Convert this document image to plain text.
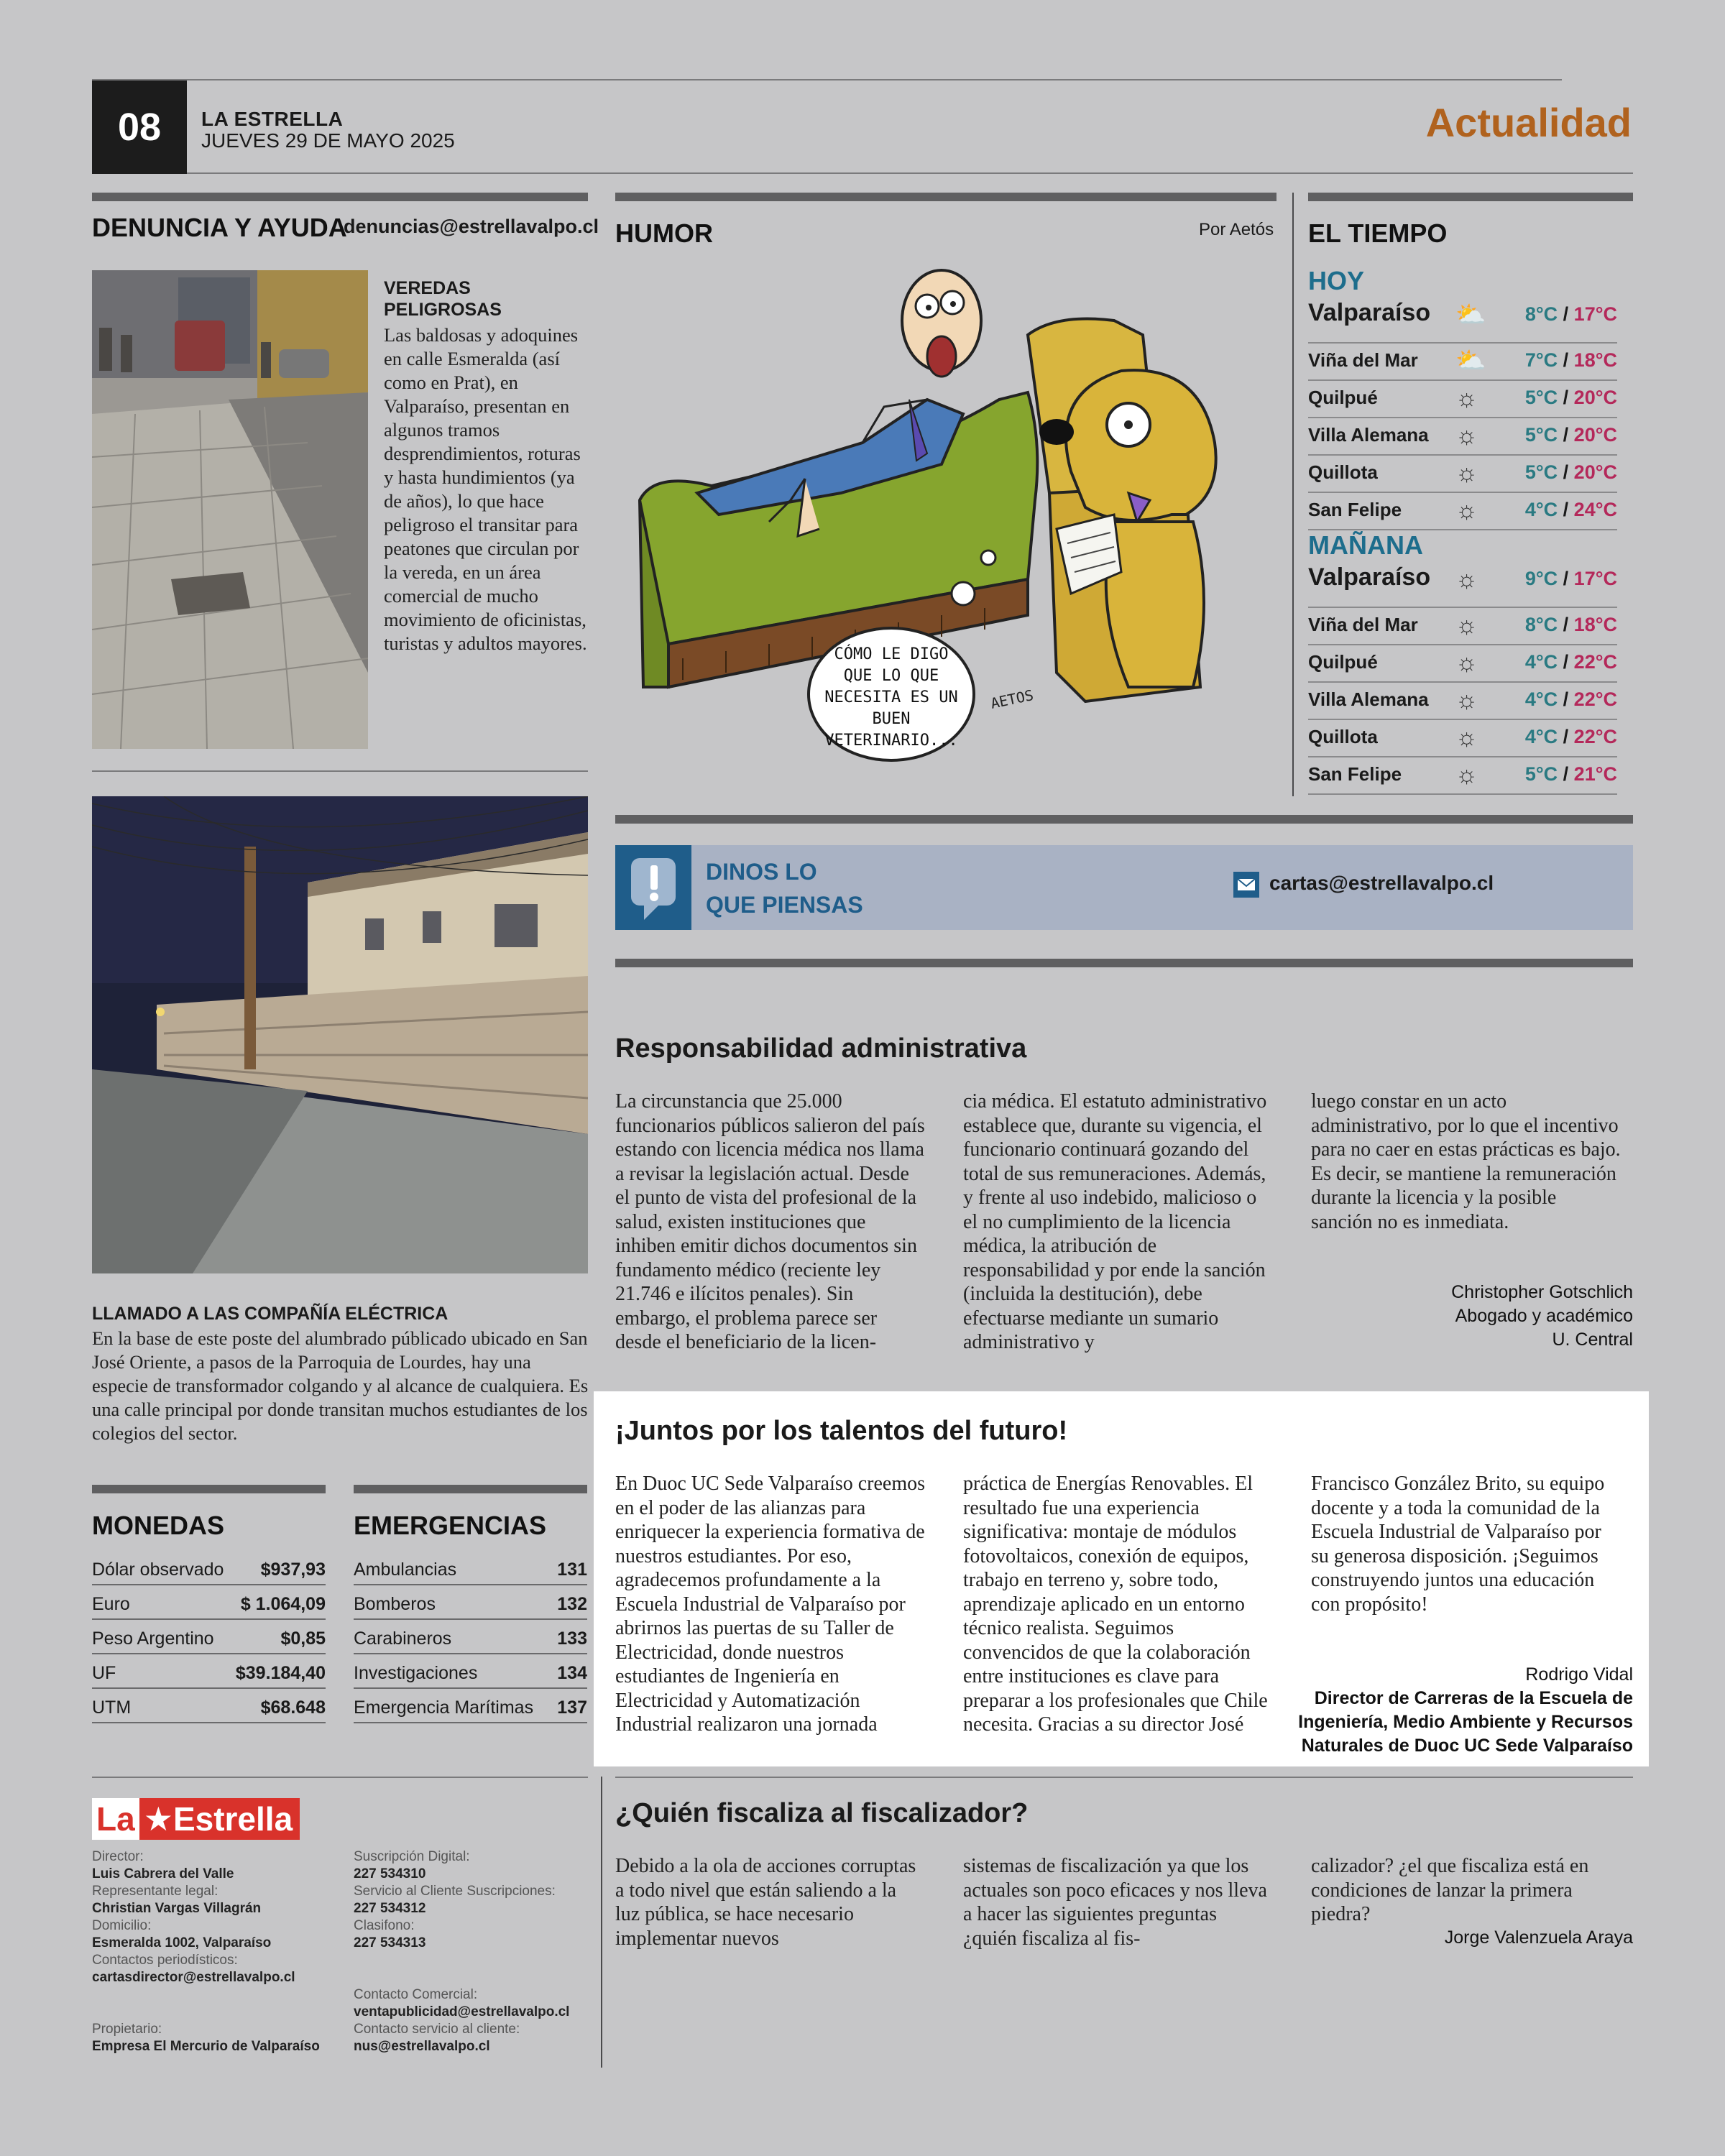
08	LA ESTRELLA
JUEVES 29 DE MAYO 2025	Actualidad
DENUNCIA Y AYUDA
denuncias@estrellavalpo.cl
VEREDAS PELIGROSAS
Las baldosas y adoquines en calle Esmeralda (así como en Prat), en Valparaíso, presentan en algunos tramos desprendimientos, roturas y hasta hundimientos (ya de años), lo que hace peligroso el transitar para peatones que circulan por la vereda, en un área comercial de mucho movimiento de oficinistas, turistas y adultos mayores.
LLAMADO A LAS COMPAÑÍA ELÉCTRICA
En la base de este poste del alumbrado públicado ubicado en San José Oriente, a pasos de la Parroquia de Lourdes, hay una especie de transformador colgando y al alcance de cualquiera. Es una calle principal por donde transitan muchos estudiantes de los colegios del sector.
MONEDAS
Dólar observado $937,93
Euro	$ 1.064,09
Peso Argentino	$0,85
UF	$39.184,40
UTM	$68.648
EMERGENCIAS
Ambulancias	131
Bomberos	132
Carabineros	133
Investigaciones	134
Emergencia Marítimas 137
La ★Estrella
Director:
Luis Cabrera del Valle
Representante legal:
Christian Vargas Villagrán
Domicilio:
Esmeralda 1002, Valparaíso
Contactos periodísticos:
cartasdirector@estrellavalpo.cl
Propietario:
Empresa El Mercurio de Valparaíso
Suscripción Digital:
227 534310
Servicio al Cliente Suscripciones:
227 534312
Clasifono:
227 534313
Contacto Comercial:
ventapublicidad@estrellavalpo.cl
Contacto servicio al cliente:
nus@estrellavalpo.cl
HUMOR	Por Aetós
CÓMO LE DIGO QUE LO QUE NECESITA ES UN BUEN VETERINARIO...
AETOS
EL TIEMPO
HOY
Valparaíso ⛅ 8°C / 17°C
Viña del Mar ⛅ 7°C / 18°C
Quilpué	☼ 5°C / 20°C
Villa Alemana ☼ 5°C / 20°C
Quillota	☼ 5°C / 20°C
San Felipe ☼ 4°C / 24°C
MAÑANA
Valparaíso ☼ 9°C / 17°C
Viña del Mar ☼ 8°C / 18°C
Quilpué	☼ 4°C / 22°C
Villa Alemana ☼ 4°C / 22°C
Quillota	☼ 4°C / 22°C
San Felipe ☼ 5°C / 21°C
DINOS LO
QUE PIENSAS
cartas@estrellavalpo.cl
Responsabilidad administrativa
La circunstancia que 25.000 funcionarios públicos salieron del país estando con licencia médica nos llama a revisar la legislación actual. Desde el punto de vista del profesional de la salud, existen instituciones que inhiben emitir dichos documentos sin fundamento médico (reciente ley 21.746 e ilícitos penales). Sin embargo, el problema parece ser desde el beneficiario de la licen-
cia médica. El estatuto administrativo establece que, durante su vigencia, el funcionario continuará gozando del total de sus remuneraciones. Además, y frente al uso indebido, malicioso o el no cumplimiento de la licencia médica, la atribución de responsabilidad y por ende la sanción (incluida la destitución), debe efectuarse mediante un sumario administrativo y
luego constar en un acto administrativo, por lo que el incentivo para no caer en estas prácticas es bajo. Es decir, se mantiene la remuneración durante la licencia y la posible sanción no es inmediata.
Christopher Gotschlich
Abogado y académico
U. Central
¡Juntos por los talentos del futuro!
En Duoc UC Sede Valparaíso creemos en el poder de las alianzas para enriquecer la experiencia formativa de nuestros estudiantes. Por eso, agradecemos profundamente a la Escuela Industrial de Valparaíso por abrirnos las puertas de su Taller de Electricidad, donde nuestros estudiantes de Ingeniería en Electricidad y Automatización Industrial realizaron una jornada
práctica de Energías Renovables. El resultado fue una experiencia significativa: montaje de módulos fotovoltaicos, conexión de equipos, trabajo en terreno y, sobre todo, aprendizaje aplicado en un entorno técnico realista. Seguimos convencidos de que la colaboración entre instituciones es clave para preparar a los profesionales que Chile necesita. Gracias a su director José
Francisco González Brito, su equipo docente y a toda la comunidad de la Escuela Industrial de Valparaíso por su generosa disposición. ¡Seguimos construyendo juntos una educación con propósito!
Rodrigo Vidal
Director de Carreras de la Escuela de
Ingeniería, Medio Ambiente y Recursos
Naturales de Duoc UC Sede Valparaíso
¿Quién fiscaliza al fiscalizador?
Debido a la ola de acciones corruptas a todo nivel que están saliendo a la luz pública, se hace necesario implementar nuevos
sistemas de fiscalización ya que los actuales son poco eficaces y nos lleva a hacer las siguientes preguntas ¿quién fiscaliza al fis-
calizador? ¿el que fiscaliza está en condiciones de lanzar la primera piedra?
Jorge Valenzuela Araya
